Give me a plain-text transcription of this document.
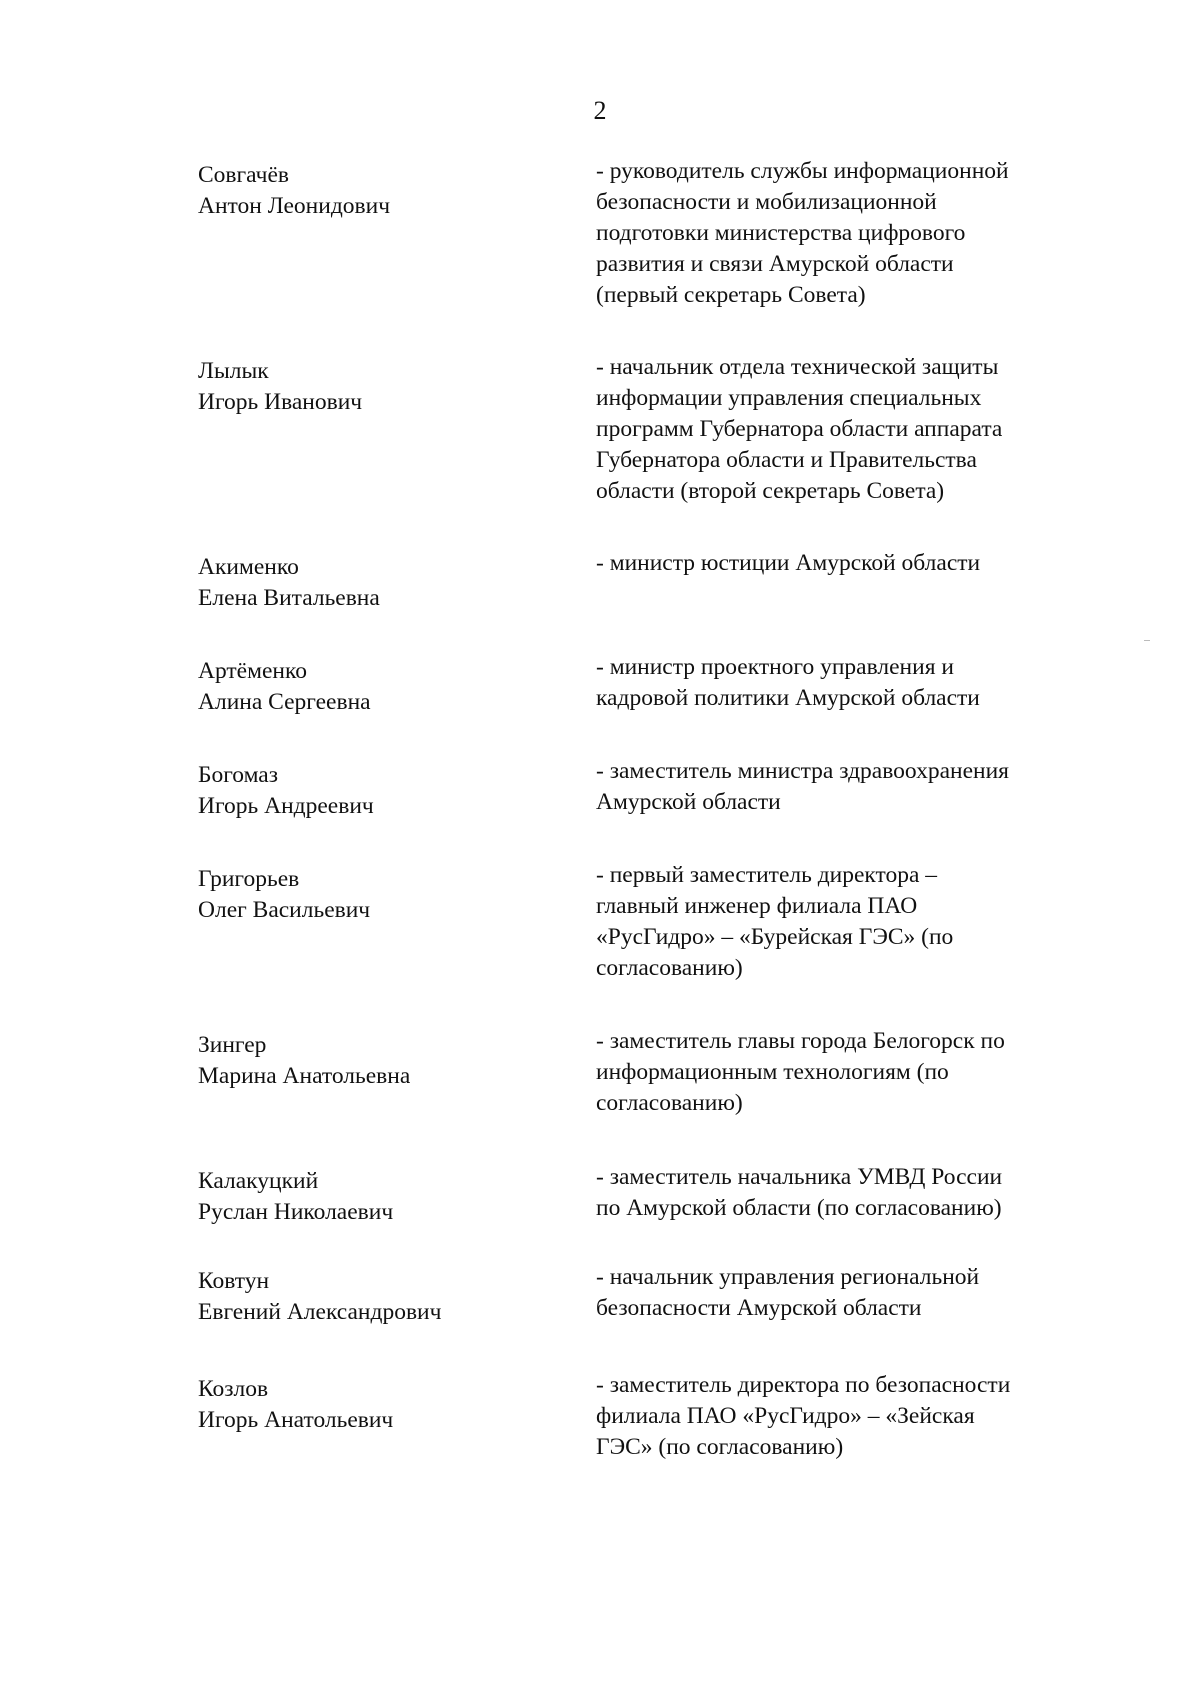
2
Совгачёв
Антон Леонидович
- руководитель службы информационной
безопасности и мобилизационной
подготовки министерства цифрового
развития и связи Амурской области
(первый секретарь Совета)
Лылык
Игорь Иванович
- начальник отдела технической защиты
информации управления специальных
программ Губернатора области аппарата
Губернатора области и Правительства
области (второй секретарь Совета)
Акименко
Елена Витальевна
- министр юстиции Амурской области
Артёменко
Алина Сергеевна
- министр проектного управления и
кадровой политики Амурской области
Богомаз
Игорь Андреевич
- заместитель министра здравоохранения
Амурской области
Григорьев
Олег Васильевич
- первый заместитель директора –
главный инженер филиала ПАО
«РусГидро» – «Бурейская ГЭС» (по
согласованию)
Зингер
Марина Анатольевна
- заместитель главы города Белогорск по
информационным технологиям (по
согласованию)
Калакуцкий
Руслан Николаевич
- заместитель начальника УМВД России
по Амурской области (по согласованию)
Ковтун
Евгений Александрович
- начальник управления региональной
безопасности Амурской области
Козлов
Игорь Анатольевич
- заместитель директора по безопасности
филиала ПАО «РусГидро» – «Зейская
ГЭС» (по согласованию)
